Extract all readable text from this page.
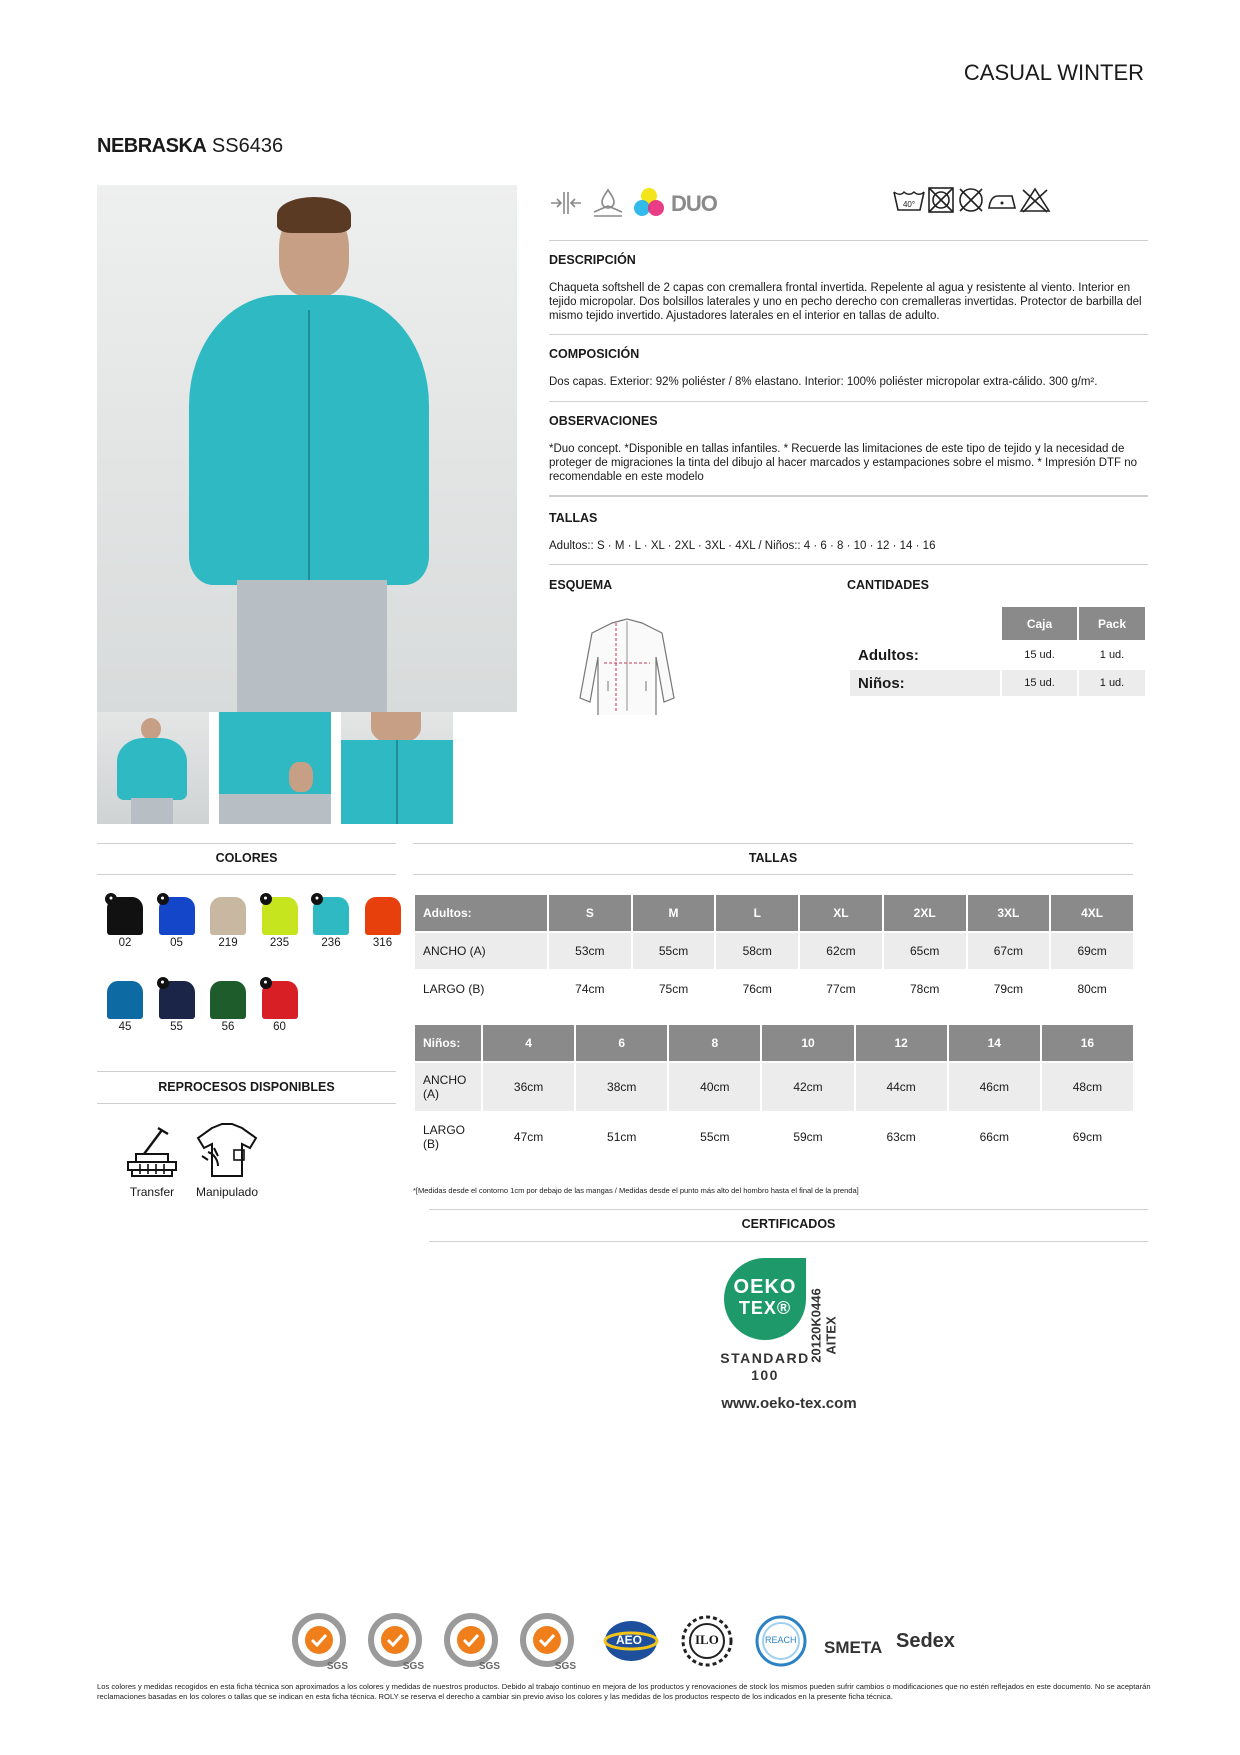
CASUAL WINTER
NEBRASKA SS6436
DUO	40°
DESCRIPCIÓN
Chaqueta softshell de 2 capas con cremallera frontal invertida. Repelente al agua y resistente al viento. Interior en tejido micropolar. Dos bolsillos laterales y uno en pecho derecho con cremalleras invertidas. Protector de barbilla del mismo tejido invertido. Ajustadores laterales en el interior en tallas de adulto.
COMPOSICIÓN
Dos capas. Exterior: 92% poliéster / 8% elastano. Interior: 100% poliéster micropolar extra-cálido. 300 g/m².
OBSERVACIONES
*Duo concept. *Disponible en tallas infantiles. * Recuerde las limitaciones de este tipo de tejido y la necesidad de proteger de migraciones la tinta del dibujo al hacer marcados y estampaciones sobre el mismo. * Impresión DTF no recomendable en este modelo
TALLAS
Adultos:: S · M · L · XL · 2XL · 3XL · 4XL / Niños:: 4 · 6 · 8 · 10 · 12 · 14 · 16
ESQUEMA	CANTIDADES
	Caja	Pack
Adultos:	15 ud.	1 ud.
Niños:	15 ud.	1 ud.
COLORES
●
02
●
05	219
●
235
●
236	316
45
●
55	56
●
60
REPROCESOS DISPONIBLES
Transfer	Manipulado
TALLAS
Adultos:	S	M	L	XL	2XL	3XL	4XL
ANCHO (A)	53cm	55cm	58cm	62cm	65cm	67cm	69cm
LARGO (B)	74cm	75cm	76cm	77cm	78cm	79cm	80cm
Niños:	4	6	8	10	12	14	16
ANCHO (A)	36cm	38cm	40cm	42cm	44cm	46cm	48cm
LARGO (B)	47cm	51cm	55cm	59cm	63cm	66cm	69cm
*[Medidas desde el contorno 1cm por debajo de las mangas / Medidas desde el punto más alto del hombro hasta el final de la prenda]
CERTIFICADOS
OEKO
TEX®
STANDARD
100
20120K0446 AITEX
www.oeko-tex.com
SGS	SGS	SGS	SGS
AEO	ILO	REACH SMETA Sedex
Los colores y medidas recogidos en esta ficha técnica son aproximados a los colores y medidas de nuestros productos. Debido al trabajo continuo en mejora de los productos y renovaciones de stock los mismos pueden sufrir cambios o modificaciones que no estén reflejados en este documento. No se aceptarán reclamaciones basadas en los colores o tallas que se indican en esta ficha técnica. ROLY se reserva el derecho a cambiar sin previo aviso los colores y las medidas de los productos respecto de los indicados en la presente ficha técnica.
